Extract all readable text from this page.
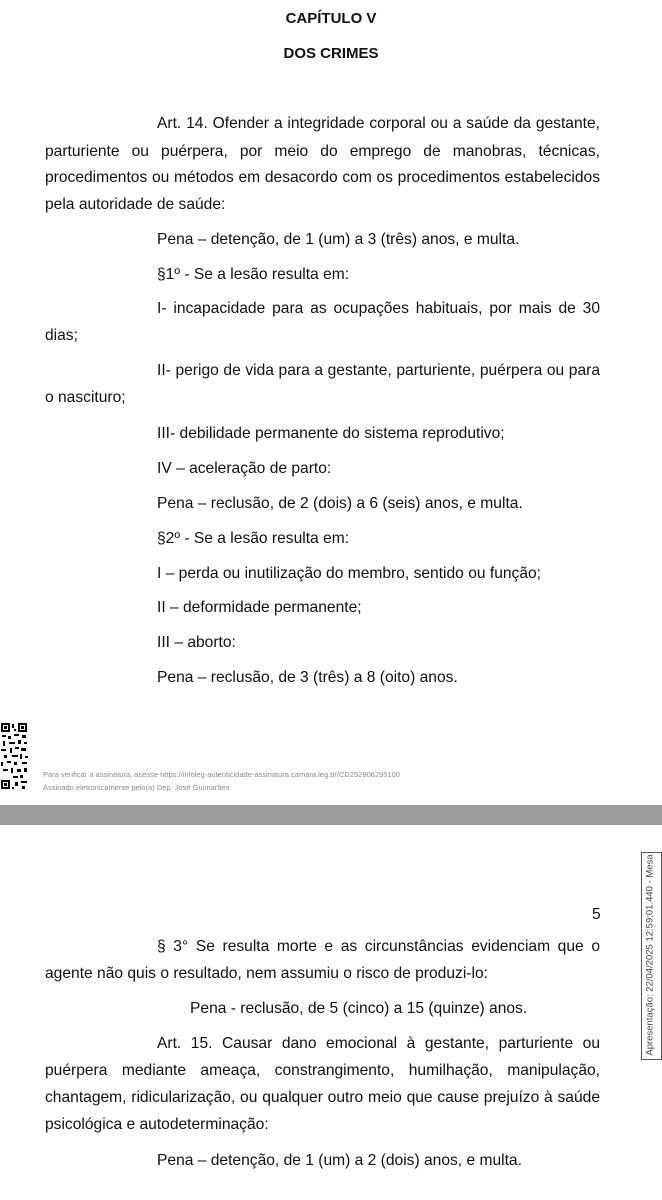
CAPÍTULO V
DOS CRIMES
Art. 14. Ofender a integridade corporal ou a saúde da gestante,
parturiente ou puérpera, por meio do emprego de manobras, técnicas,
procedimentos ou métodos em desacordo com os procedimentos estabelecidos
pela autoridade de saúde:
Pena – detenção, de 1 (um) a 3 (três) anos, e multa.
§1º - Se a lesão resulta em:
I- incapacidade para as ocupações habituais, por mais de 30
dias;
II- perigo de vida para a gestante, parturiente, puérpera ou para
o nascituro;
III- debilidade permanente do sistema reprodutivo;
IV – aceleração de parto:
Pena – reclusão, de 2 (dois) a 6 (seis) anos, e multa.
§2º - Se a lesão resulta em:
I – perda ou inutilização do membro, sentido ou função;
II – deformidade permanente;
III – aborto:
Pena – reclusão, de 3 (três) a 8 (oito) anos.
Para verificar a assinatura, acesse https://infoleg-autenticidade-assinatura.camara.leg.br/CD252806295100
Assinado eletronicamente pelo(a) Dep. José Guimarães
5
§ 3° Se resulta morte e as circunstâncias evidenciam que o
agente não quis o resultado, nem assumiu o risco de produzi-lo:
Pena - reclusão, de 5 (cinco) a 15 (quinze) anos.
Art. 15. Causar dano emocional à gestante, parturiente ou
puérpera mediante ameaça, constrangimento, humilhação, manipulação,
chantagem, ridicularização, ou qualquer outro meio que cause prejuízo à saúde
psicológica e autodeterminação:
Pena – detenção, de 1 (um) a 2 (dois) anos, e multa.
Apresentação: 22/04/2025 12:59:01.440 - Mesa
